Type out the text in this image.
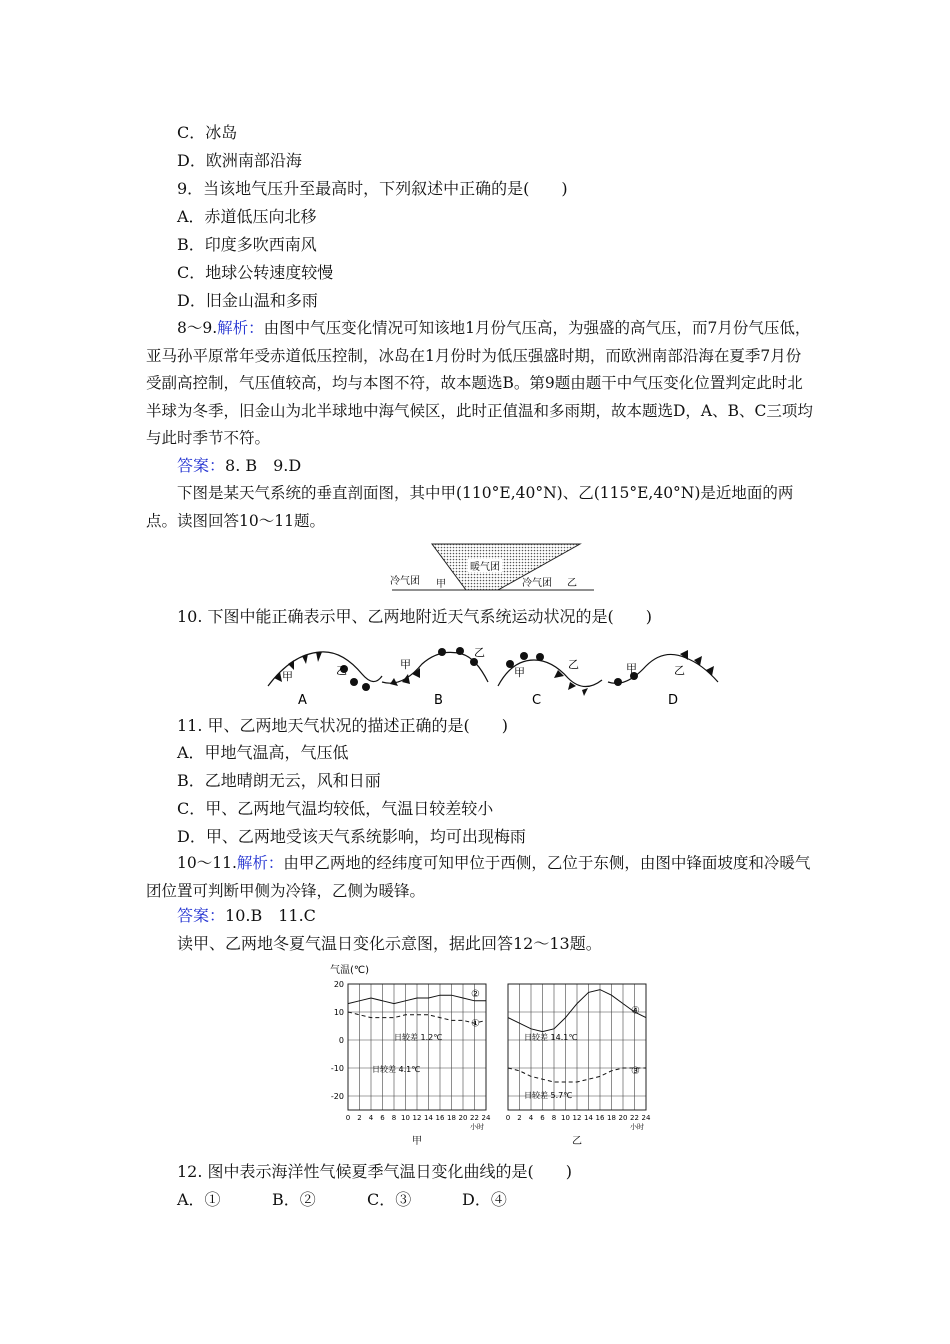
C．冰岛
D．欧洲南部沿海
9．当该地气压升至最高时，下列叙述中正确的是(　　)
A．赤道低压向北移
B．印度多吹西南风
C．地球公转速度较慢
D．旧金山温和多雨
8～9.解析：由图中气压变化情况可知该地1月份气压高，为强盛的高气压，而7月份气压低，亚马孙平原常年受赤道低压控制，冰岛在1月份时为低压强盛时期，而欧洲南部沿海在夏季7月份受副高控制，气压值较高，均与本图不符，故本题选B。第9题由题干中气压变化位置判定此时北半球为冬季，旧金山为北半球地中海气候区，此时正值温和多雨期，故本题选D，A、B、C三项均与此时季节不符。
答案：8. B　9.D
下图是某天气系统的垂直剖面图，其中甲(110°E,40°N)、乙(115°E,40°N)是近地面的两点。读图回答10～11题。
暖气团
冷气团 甲	冷气团 乙
10. 下图中能正确表示甲、乙两地附近天气系统运动状况的是(　　)
甲	乙
A
甲
乙
B
甲
乙
C
甲	乙
D
11. 甲、乙两地天气状况的描述正确的是(　　)
A．甲地气温高，气压低
B．乙地晴朗无云，风和日丽
C．甲、乙两地气温均较低，气温日较差较小
D．甲、乙两地受该天气系统影响，均可出现梅雨
10～11.解析：由甲乙两地的经纬度可知甲位于西侧，乙位于东侧，由图中锋面坡度和冷暖气团位置可判断甲侧为冷锋，乙侧为暖锋。
答案：10.B　11.C
读甲、乙两地冬夏气温日变化示意图，据此回答12～13题。
气温(℃)
20
10
0
-10
-20
0 2 4 6 8 10 12 14 16 18 20 22 24
小时
甲
②
①
日较差 1.2℃
日较差 4.1℃
0 2 4 6 8 10 12 14 16 18 20 22 24
小时
乙
④
③
日较差 14.1℃
日较差 5.7℃
12. 图中表示海洋性气候夏季气温日变化曲线的是(　　)
A．①	B．②	C．③	D．④
